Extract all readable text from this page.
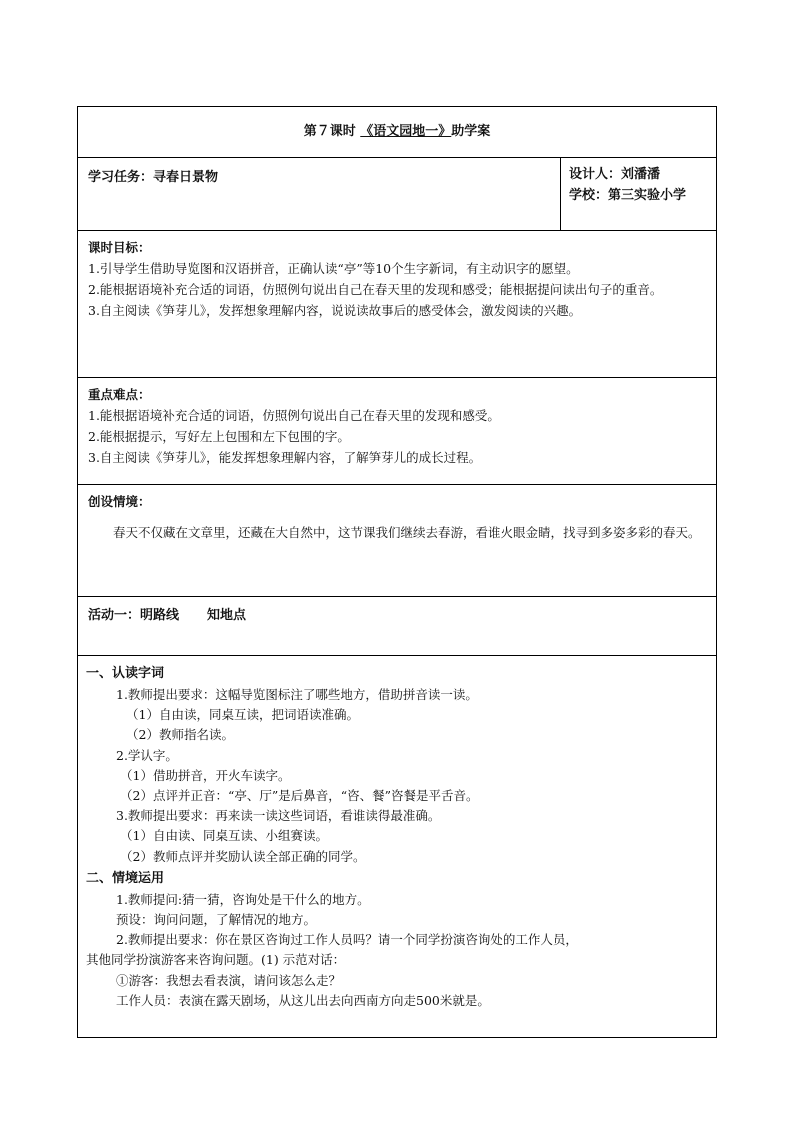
第７课时 《语文园地一》助学案
学习任务：寻春日景物	设计人：刘潘潘
学校：第三实验小学

课时目标：
1.引导学生借助导览图和汉语拼音，正确认读“亭”等10个生字新词，有主动识字的愿望。
2.能根据语境补充合适的词语，仿照例句说出自己在春天里的发现和感受；能根据提问读出句子的重音。
3.自主阅读《笋芽儿》，发挥想象理解内容，说说读故事后的感受体会，激发阅读的兴趣。

重点难点：
1.能根据语境补充合适的词语，仿照例句说出自己在春天里的发现和感受。
2.能根据提示，写好左上包围和左下包围的字。
3.自主阅读《笋芽儿》，能发挥想象理解内容，了解笋芽儿的成长过程。

创设情境：

春天不仅藏在文章里，还藏在大自然中，这节课我们继续去春游，看谁火眼金睛，找寻到多姿多彩的春天。

活动一：明路线 知地点

一、认读字词
1.教师提出要求：这幅导览图标注了哪些地方，借助拼音读一读。
（1）自由读，同桌互读，把词语读准确。
（2）教师指名读。
2.学认字。
（1）借助拼音，开火车读字。
（2）点评并正音：“亭、厅”是后鼻音，“咨、餐”咨餐是平舌音。
3.教师提出要求：再来读一读这些词语，看谁读得最准确。
（1）自由读、同桌互读、小组赛读。
（2）教师点评并奖励认读全部正确的同学。
二、情境运用
1.教师提问:猜一猜，咨询处是干什么的地方。
预设：询问问题，了解情况的地方。
2.教师提出要求：你在景区咨询过工作人员吗？请一个同学扮演咨询处的工作人员，
其他同学扮演游客来咨询问题。(1) 示范对话：
①游客：我想去看表演，请问该怎么走？
工作人员：表演在露天剧场，从这儿出去向西南方向走500米就是。
